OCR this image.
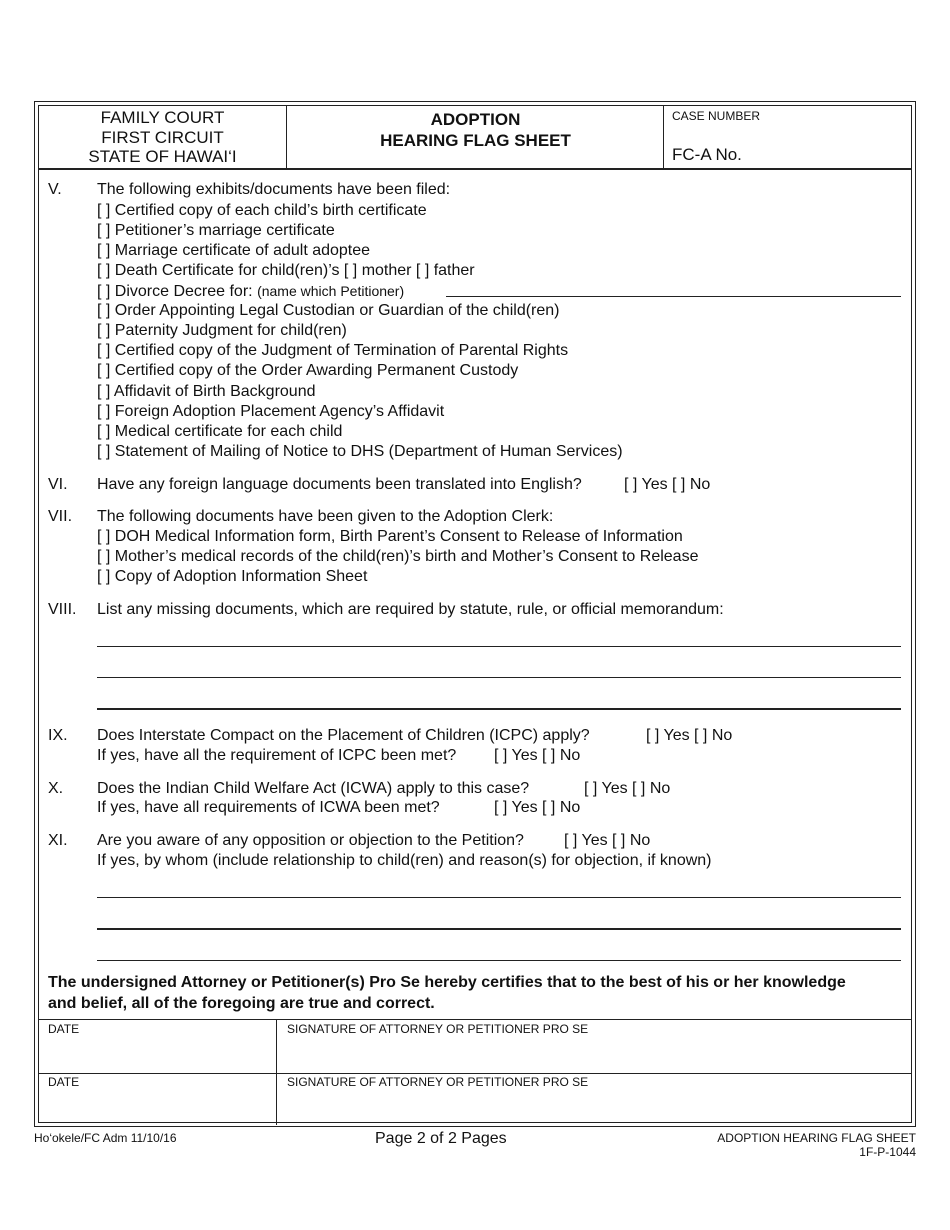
FAMILY COURT
FIRST CIRCUIT
STATE OF HAWAI‘I
ADOPTION
HEARING FLAG SHEET
CASE NUMBER
FC-A No.
V. The following exhibits/documents have been filed:
[ ] Certified copy of each child’s birth certificate
[ ] Petitioner’s marriage certificate
[ ] Marriage certificate of adult adoptee
[ ] Death Certificate for child(ren)’s [ ] mother [ ] father
[ ] Divorce Decree for: (name which Petitioner)
[ ] Order Appointing Legal Custodian or Guardian of the child(ren)
[ ] Paternity Judgment for child(ren)
[ ] Certified copy of the Judgment of Termination of Parental Rights
[ ] Certified copy of the Order Awarding Permanent Custody
[ ] Affidavit of Birth Background
[ ] Foreign Adoption Placement Agency’s Affidavit
[ ] Medical certificate for each child
[ ] Statement of Mailing of Notice to DHS (Department of Human Services)
VI. Have any foreign language documents been translated into English?	[ ] Yes [ ] No
VII. The following documents have been given to the Adoption Clerk:
[ ] DOH Medical Information form, Birth Parent’s Consent to Release of Information
[ ] Mother’s medical records of the child(ren)’s birth and Mother’s Consent to Release
[ ] Copy of Adoption Information Sheet
VIII. List any missing documents, which are required by statute, rule, or official memorandum:
IX. Does Interstate Compact on the Placement of Children (ICPC) apply?	[ ] Yes [ ] No
If yes, have all the requirement of ICPC been met? [ ] Yes [ ] No
X. Does the Indian Child Welfare Act (ICWA) apply to this case?	[ ] Yes [ ] No
If yes, have all requirements of ICWA been met?	[ ] Yes [ ] No
XI. Are you aware of any opposition or objection to the Petition?	[ ] Yes [ ] No
If yes, by whom (include relationship to child(ren) and reason(s) for objection, if known)
The undersigned Attorney or Petitioner(s) Pro Se hereby certifies that to the best of his or her knowledge
and belief, all of the foregoing are true and correct.
DATE	SIGNATURE OF ATTORNEY OR PETITIONER PRO SE
DATE	SIGNATURE OF ATTORNEY OR PETITIONER PRO SE
Ho‘okele/FC Adm 11/10/16	Page 2 of 2 Pages	ADOPTION HEARING FLAG SHEET
1F-P-1044
